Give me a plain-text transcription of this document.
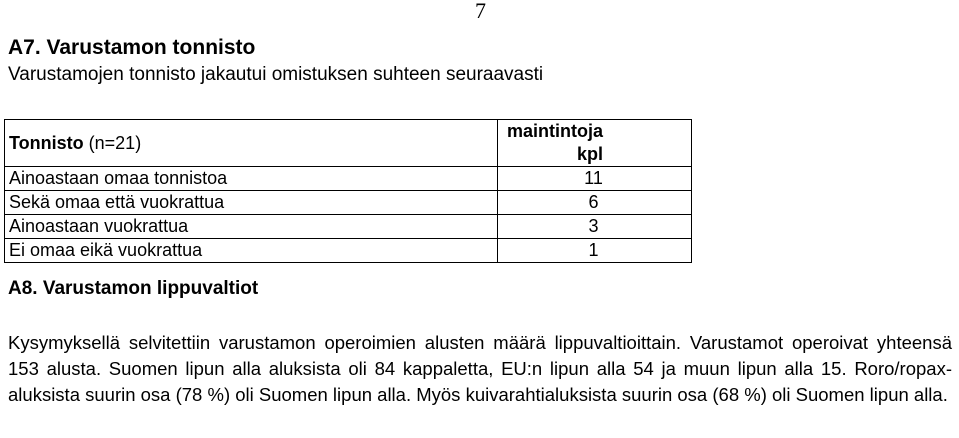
7
A7. Varustamon tonnisto

Varustamojen tonnisto jakautui omistuksen suhteen seuraavasti

Tonnisto (n=21)	maintintoja kpl
Ainoastaan omaa tonnistoa	11
Sekä omaa että vuokrattua	6
Ainoastaan vuokrattua	3
Ei omaa eikä vuokrattua	1
A8. Varustamon lippuvaltiot

Kysymyksellä selvitettiin varustamon operoimien alusten määrä lippuvaltioittain. Varustamot operoivat yhteensä 153 alusta. Suomen lipun alla aluksista oli 84 kappaletta, EU:n lipun alla 54 ja muun lipun alla 15. Roro/ropax-aluksista suurin osa (78 %) oli Suomen lipun alla. Myös kuivarahtialuksista suurin osa (68 %) oli Suomen lipun alla.
